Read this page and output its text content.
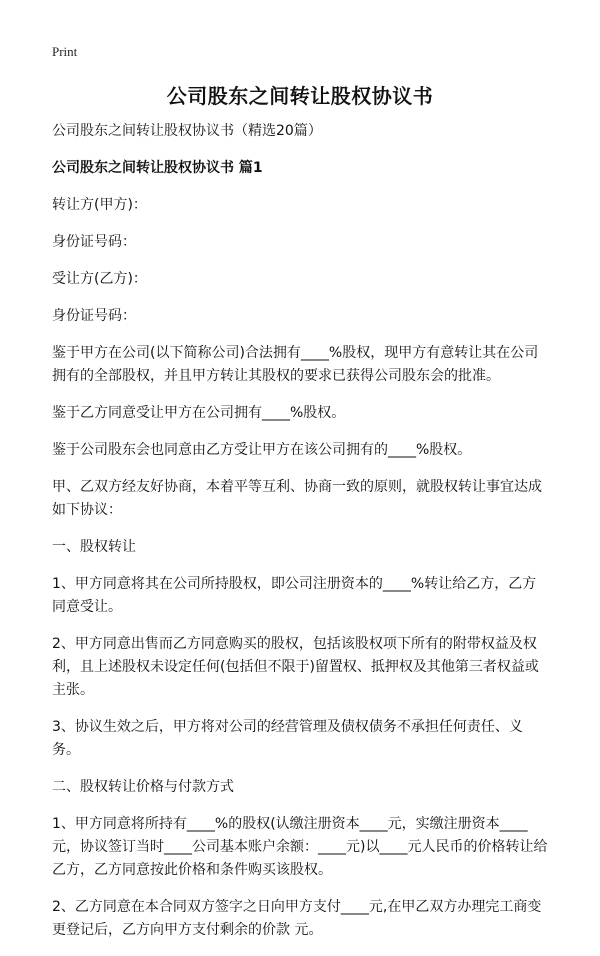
Print
公司股东之间转让股权协议书

公司股东之间转让股权协议书（精选20篇）

公司股东之间转让股权协议书 篇1

转让方(甲方)：

身份证号码：

受让方(乙方)：

身份证号码：

鉴于甲方在公司(以下简称公司)合法拥有____%股权，现甲方有意转让其在公司拥有的全部股权，并且甲方转让其股权的要求已获得公司股东会的批准。

鉴于乙方同意受让甲方在公司拥有____%股权。

鉴于公司股东会也同意由乙方受让甲方在该公司拥有的____%股权。

甲、乙双方经友好协商，本着平等互利、协商一致的原则，就股权转让事宜达成如下协议：

一、股权转让

1、甲方同意将其在公司所持股权，即公司注册资本的____%转让给乙方，乙方同意受让。

2、甲方同意出售而乙方同意购买的股权，包括该股权项下所有的附带权益及权利，且上述股权未设定任何(包括但不限于)留置权、抵押权及其他第三者权益或主张。

3、协议生效之后，甲方将对公司的经营管理及债权债务不承担任何责任、义务。

二、股权转让价格与付款方式

1、甲方同意将所持有____%的股权(认缴注册资本____元，实缴注册资本____元，协议签订当时____公司基本账户余额：____元)以____元人民币的价格转让给乙方，乙方同意按此价格和条件购买该股权。

2、乙方同意在本合同双方签字之日向甲方支付____元,在甲乙双方办理完工商变更登记后，乙方向甲方支付剩余的价款 元。
